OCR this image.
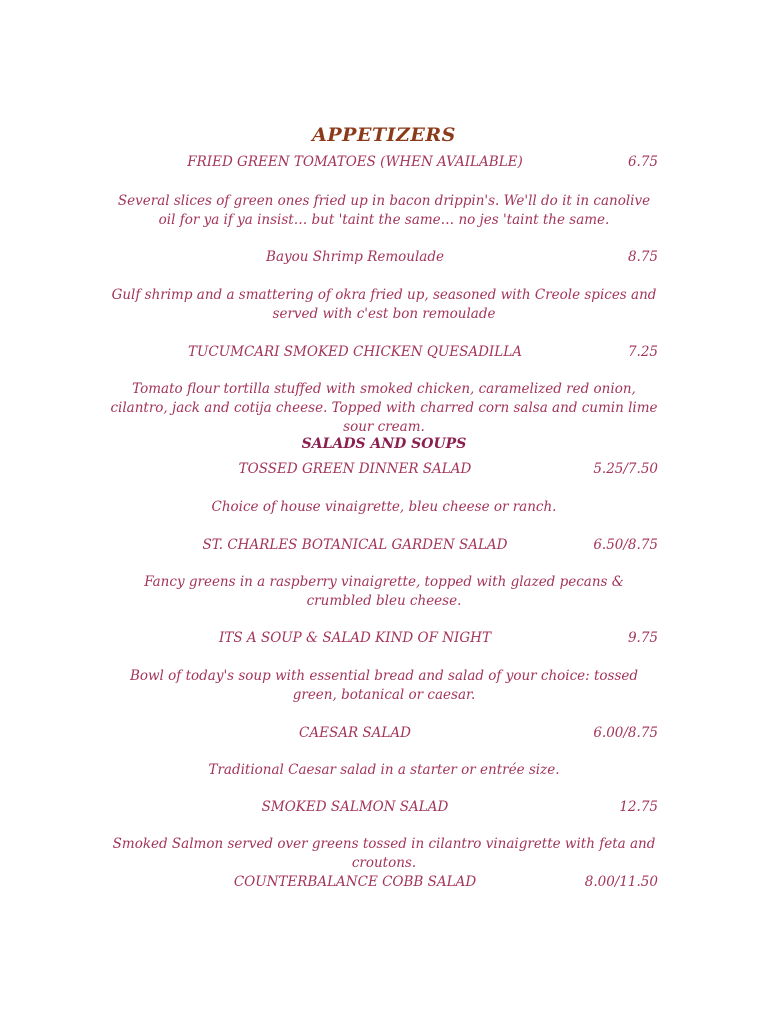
APPETIZERS
FRIED GREEN TOMATOES (WHEN AVAILABLE)	6.75

Several slices of green ones fried up in bacon drippin's. We'll do it in canolive oil for ya if ya insist… but 'taint the same… no jes 'taint the same.

Bayou Shrimp Remoulade	8.75

Gulf shrimp and a smattering of okra fried up, seasoned with Creole spices and served with c'est bon remoulade

TUCUMCARI SMOKED CHICKEN QUESADILLA	7.25

Tomato flour tortilla stuffed with smoked chicken, caramelized red onion, cilantro, jack and cotija cheese. Topped with charred corn salsa and cumin lime sour cream.

SALADS AND SOUPS
TOSSED GREEN DINNER SALAD	5.25/7.50

Choice of house vinaigrette, bleu cheese or ranch.

ST. CHARLES BOTANICAL GARDEN SALAD	6.50/8.75

Fancy greens in a raspberry vinaigrette, topped with glazed pecans & crumbled bleu cheese.

ITS A SOUP & SALAD KIND OF NIGHT	9.75

Bowl of today's soup with essential bread and salad of your choice: tossed green, botanical or caesar.

CAESAR SALAD	6.00/8.75

Traditional Caesar salad in a starter or entrée size.

SMOKED SALMON SALAD	12.75

Smoked Salmon served over greens tossed in cilantro vinaigrette with feta and croutons.

COUNTERBALANCE COBB SALAD	8.00/11.50
